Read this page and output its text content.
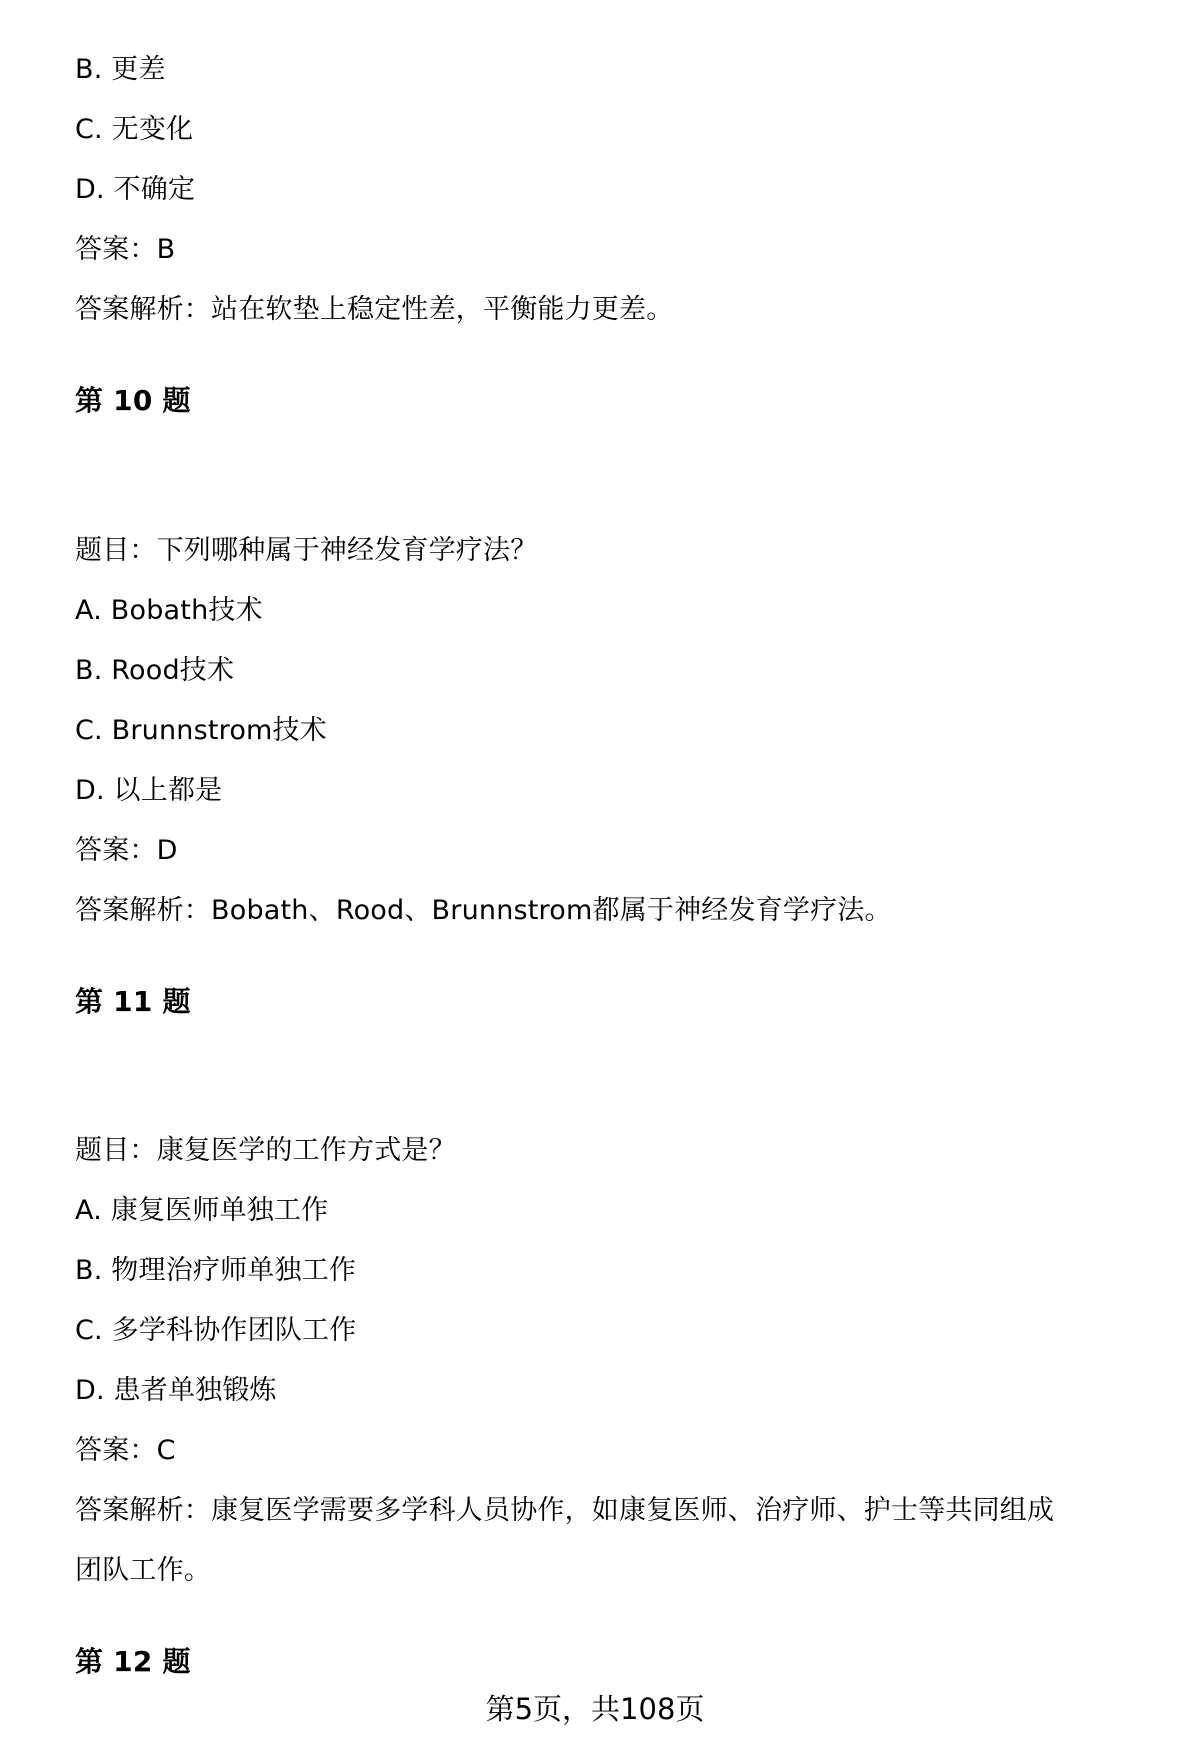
B. 更差
C. 无变化
D. 不确定
答案：B
答案解析：站在软垫上稳定性差，平衡能力更差。
第 10 题
题目：下列哪种属于神经发育学疗法？
A. Bobath技术
B. Rood技术
C. Brunnstrom技术
D. 以上都是
答案：D
答案解析：Bobath、Rood、Brunnstrom都属于神经发育学疗法。
第 11 题
题目：康复医学的工作方式是？
A. 康复医师单独工作
B. 物理治疗师单独工作
C. 多学科协作团队工作
D. 患者单独锻炼
答案：C
答案解析：康复医学需要多学科人员协作，如康复医师、治疗师、护士等共同组成
团队工作。
第 12 题
第5页，共108页
